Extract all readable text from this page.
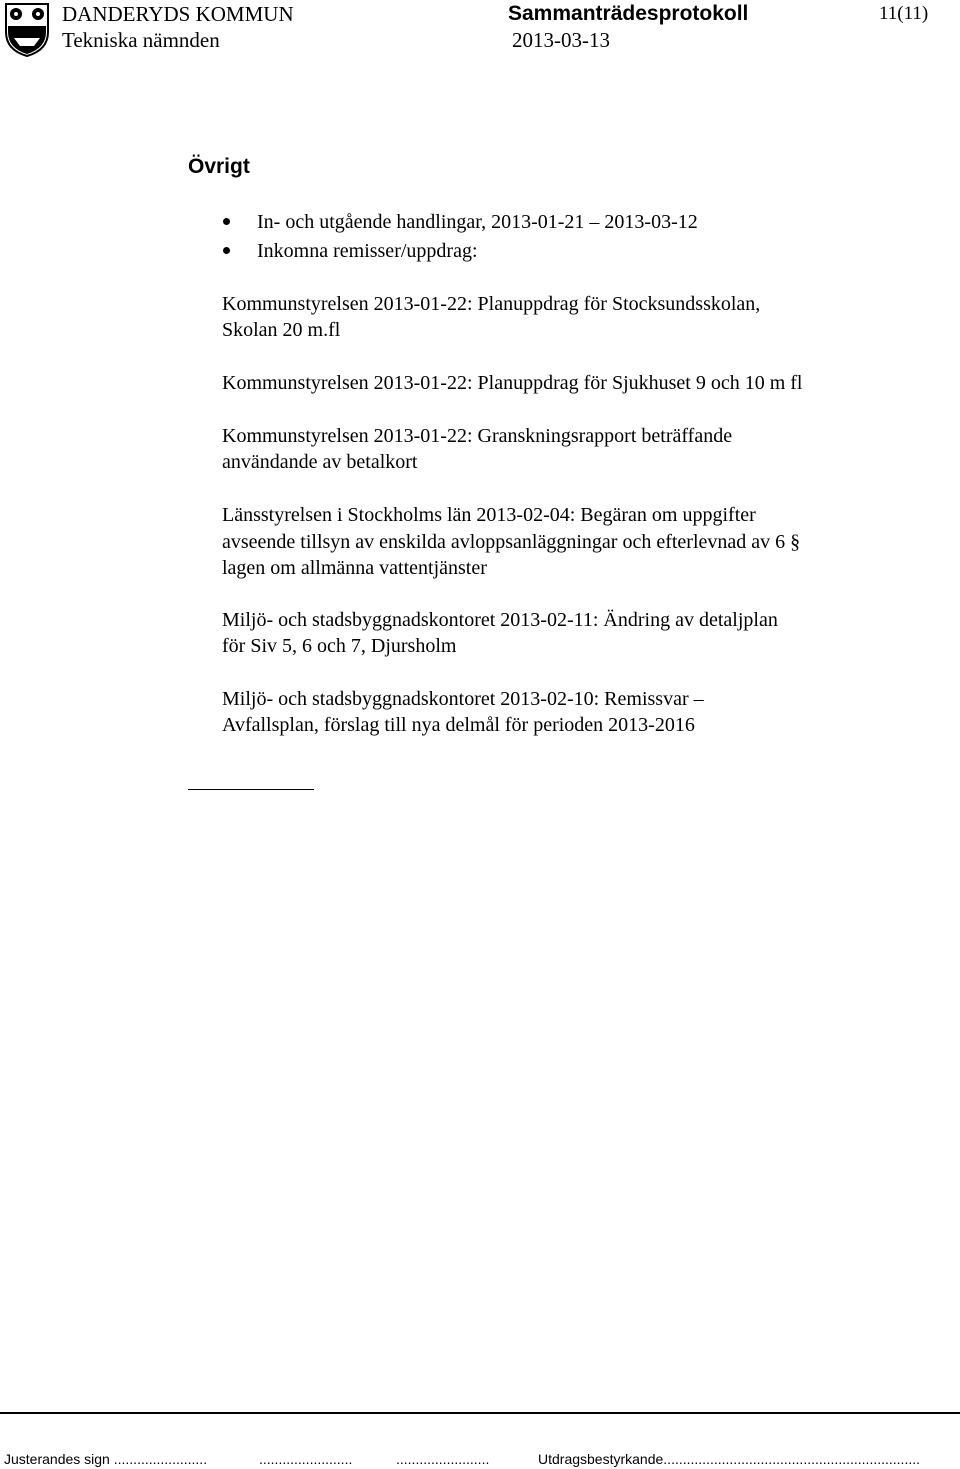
DANDERYDS KOMMUN
Tekniska nämnden
Sammanträdesprotokoll
2013-03-13
11(11)
Övrigt
In- och utgående handlingar, 2013-01-21 – 2013-03-12
Inkomna remisser/uppdrag:
Kommunstyrelsen 2013-01-22: Planuppdrag för Stocksundsskolan,
Skolan 20 m.fl
Kommunstyrelsen 2013-01-22: Planuppdrag för Sjukhuset 9 och 10 m fl
Kommunstyrelsen 2013-01-22: Granskningsrapport beträffande
användande av betalkort
Länsstyrelsen i Stockholms län 2013-02-04: Begäran om uppgifter
avseende tillsyn av enskilda avloppsanläggningar och efterlevnad av 6 §
lagen om allmänna vattentjänster
Miljö- och stadsbyggnadskontoret 2013-02-11: Ändring av detaljplan
för Siv 5, 6 och 7, Djursholm
Miljö- och stadsbyggnadskontoret 2013-02-10: Remissvar –
Avfallsplan, förslag till nya delmål för perioden 2013-2016
Justerandes sign ........................	........................	........................	Utdragsbestyrkande..................................................................
